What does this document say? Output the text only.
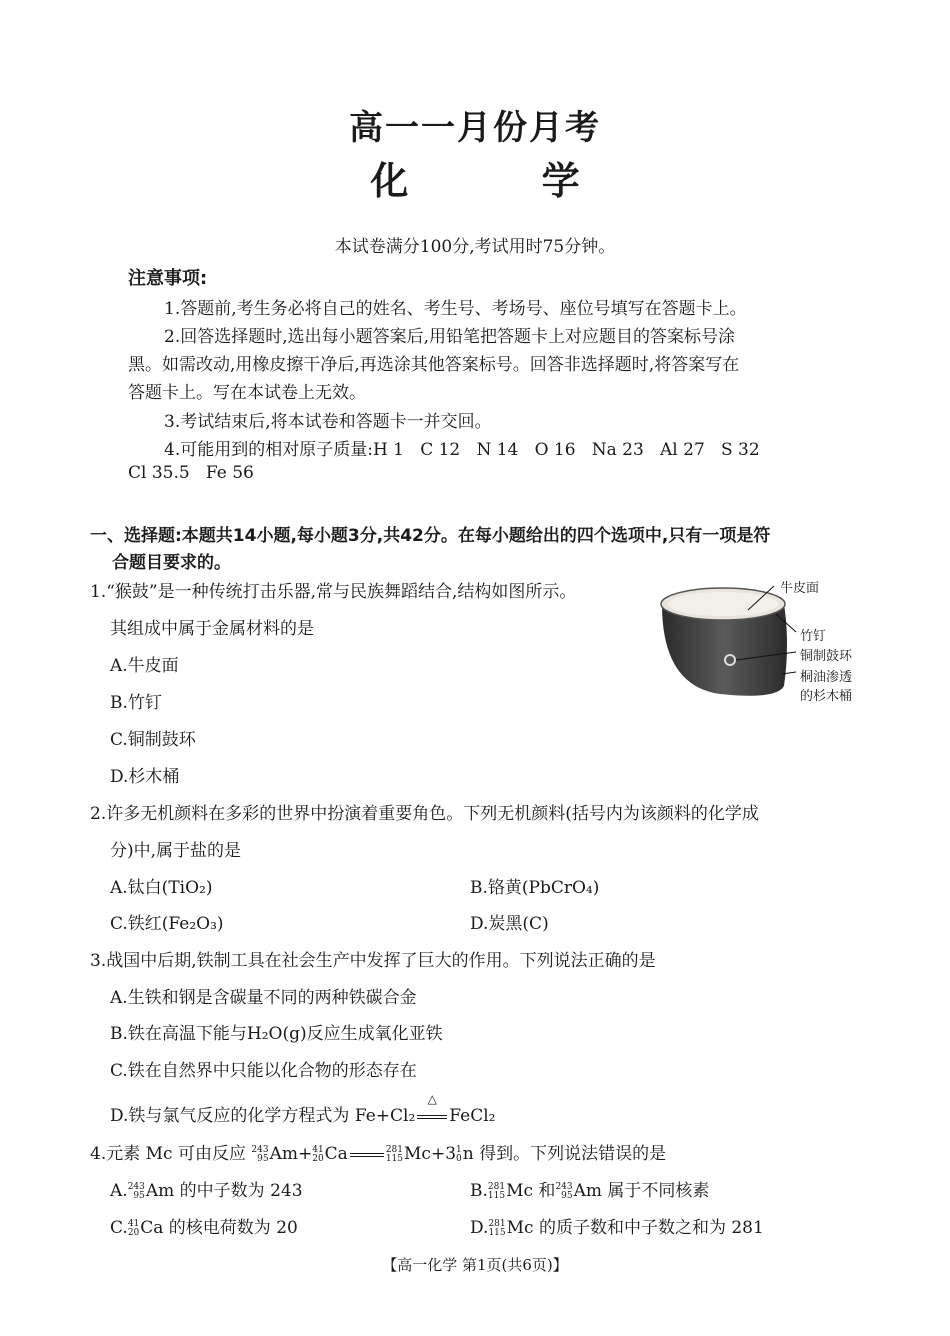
高一一月份月考
化 学
本试卷满分100分,考试用时75分钟。
注意事项:
1.答题前,考生务必将自己的姓名、考生号、考场号、座位号填写在答题卡上。
2.回答选择题时,选出每小题答案后,用铅笔把答题卡上对应题目的答案标号涂
黑。如需改动,用橡皮擦干净后,再选涂其他答案标号。回答非选择题时,将答案写在
答题卡上。写在本试卷上无效。
3.考试结束后,将本试卷和答题卡一并交回。
4.可能用到的相对原子质量:H 1   C 12   N 14   O 16   Na 23   Al 27   S 32
Cl 35.5   Fe 56
一、选择题:本题共14小题,每小题3分,共42分。在每小题给出的四个选项中,只有一项是符
合题目要求的。
1.“猴鼓”是一种传统打击乐器,常与民族舞蹈结合,结构如图所示。
其组成中属于金属材料的是
A.牛皮面
B.竹钉
C.铜制鼓环
D.杉木桶
牛皮面
竹钉
铜制鼓环
桐油渗透
的杉木桶
2.许多无机颜料在多彩的世界中扮演着重要角色。下列无机颜料(括号内为该颜料的化学成
分)中,属于盐的是
A.钛白(TiO₂)	B.铬黄(PbCrO₄)
C.铁红(Fe₂O₃)	D.炭黑(C)
3.战国中后期,铁制工具在社会生产中发挥了巨大的作用。下列说法正确的是
A.生铁和钢是含碳量不同的两种铁碳合金
B.铁在高温下能与H₂O(g)反应生成氧化亚铁
C.铁在自然界中只能以化合物的形态存在
D.铁与氯气反应的化学方程式为 Fe+Cl₂
△
FeCl₂
4.元素 Mc 可由反应 243
95 Am+ 41
20 Ca	281
115 Mc+3 1
0 n 得到。下列说法错误的是
A. 243
95 Am 的中子数为 243	B. 281
115 Mc 和 243
95 Am 属于不同核素
C. 41
20 Ca 的核电荷数为 20	D. 281
115 Mc 的质子数和中子数之和为 281
【高一化学 第1页(共6页)】
